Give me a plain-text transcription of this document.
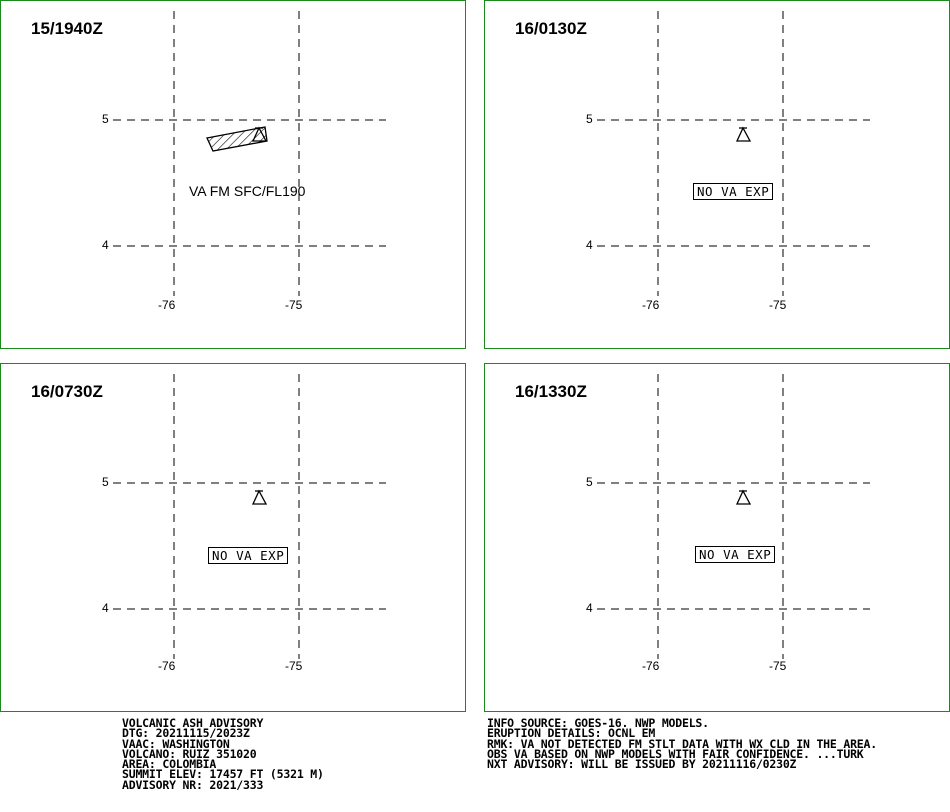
15/1940Z
5
4
-76	-75
VA FM SFC/FL190
16/0130Z
5
4
-76	-75
NO VA EXP
16/0730Z
5
4
-76	-75
NO VA EXP
16/1330Z
5
4
-76	-75
NO VA EXP
VOLCANIC ASH ADVISORY
DTG: 20211115/2023Z
VAAC: WASHINGTON
VOLCANO: RUIZ 351020
AREA: COLOMBIA
SUMMIT ELEV: 17457 FT (5321 M)
ADVISORY NR: 2021/333
INFO SOURCE: GOES-16. NWP MODELS.
ERUPTION DETAILS: OCNL EM
RMK: VA NOT DETECTED FM STLT DATA WITH WX CLD IN THE AREA.
OBS VA BASED ON NWP MODELS WITH FAIR CONFIDENCE. ...TURK
NXT ADVISORY: WILL BE ISSUED BY 20211116/0230Z
